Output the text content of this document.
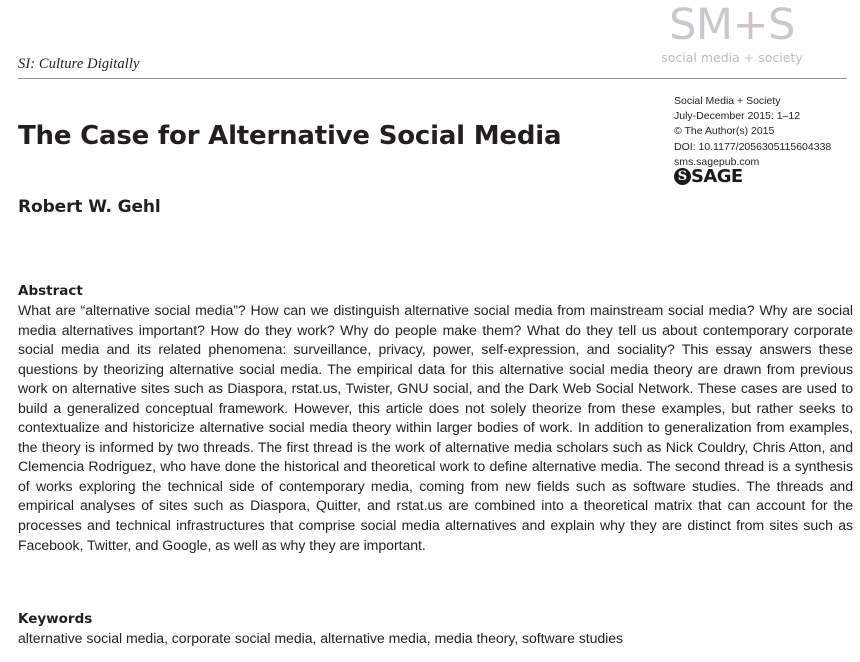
SM+S
social media + society
SI: Culture Digitally
The Case for Alternative Social Media
Robert W. Gehl
Social Media + Society
July-December 2015: 1–12
© The Author(s) 2015
DOI: 10.1177/2056305115604338
sms.sagepub.com
S SAGE
Abstract

What are “alternative social media”? How can we distinguish alternative social media from mainstream social media? Why are social media alternatives important? How do they work? Why do people make them? What do they tell us about contemporary corporate social media and its related phenomena: surveillance, privacy, power, self-expression, and sociality? This essay answers these questions by theorizing alternative social media. The empirical data for this alternative social media theory are drawn from previous work on alternative sites such as Diaspora, rstat.us, Twister, GNU social, and the Dark Web Social Network. These cases are used to build a generalized conceptual framework. However, this article does not solely theorize from these examples, but rather seeks to contextualize and historicize alternative social media theory within larger bodies of work. In addition to generalization from examples, the theory is informed by two threads. The first thread is the work of alternative media scholars such as Nick Couldry, Chris Atton, and Clemencia Rodriguez, who have done the historical and theoretical work to define alternative media. The second thread is a synthesis of works exploring the technical side of contemporary media, coming from new fields such as software studies. The threads and empirical analyses of sites such as Diaspora, Quitter, and rstat.us are combined into a theoretical matrix that can account for the processes and technical infrastructures that comprise social media alternatives and explain why they are distinct from sites such as Facebook, Twitter, and Google, as well as why they are important.

Keywords

alternative social media, corporate social media, alternative media, media theory, software studies
